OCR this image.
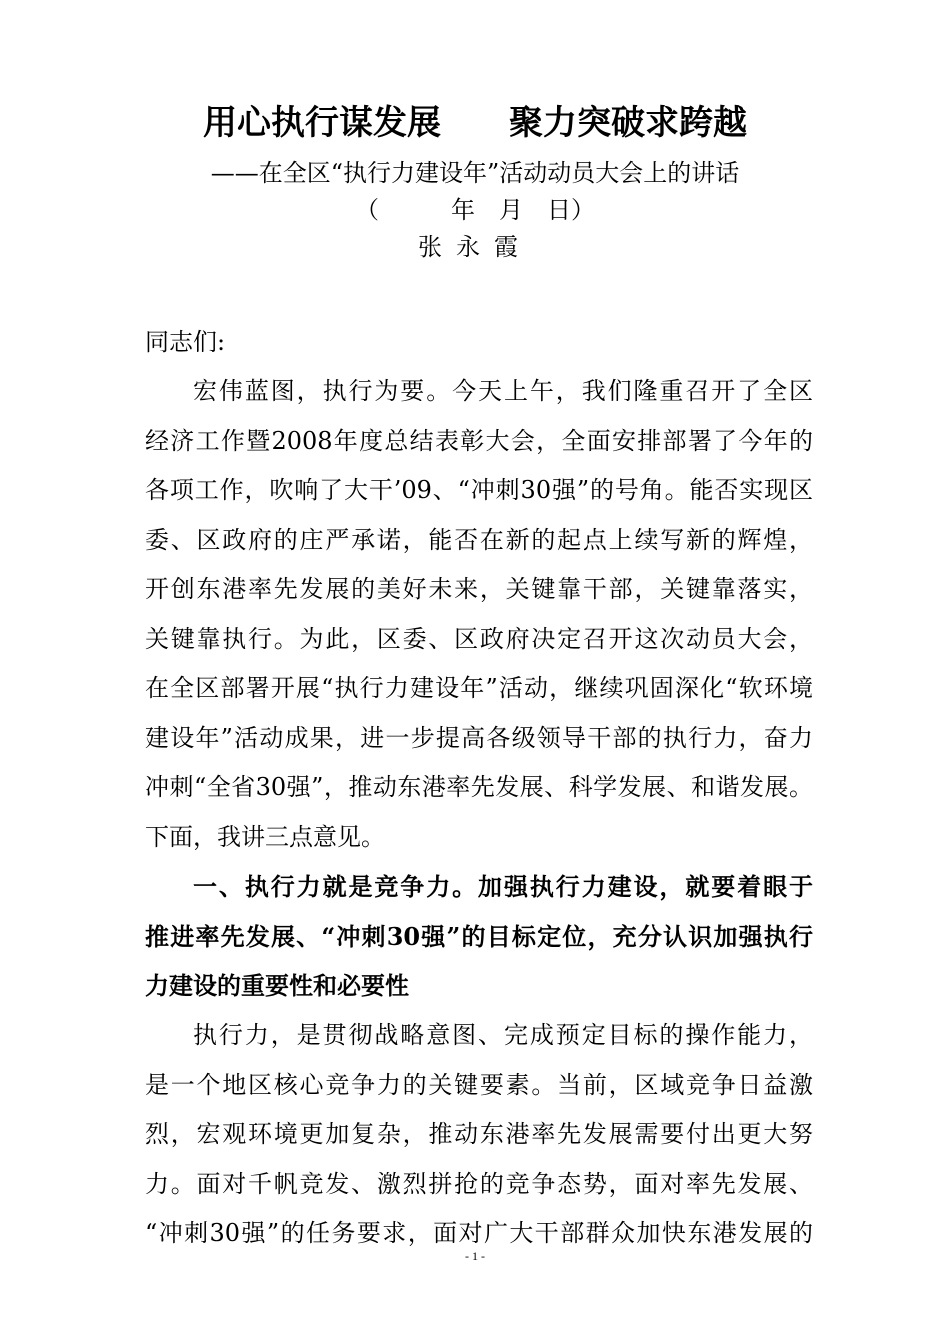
用心执行谋发展　　聚力突破求跨越
——在全区“执行力建设年”活动动员大会上的讲话
（　　　年　月　日）
张永霞
同志们:
宏伟蓝图，执行为要。今天上午，我们隆重召开了全区
经济工作暨2008年度总结表彰大会，全面安排部署了今年的
各项工作，吹响了大干’09、“冲刺30强”的号角。能否实现区
委、区政府的庄严承诺，能否在新的起点上续写新的辉煌，
开创东港率先发展的美好未来，关键靠干部，关键靠落实，
关键靠执行。为此，区委、区政府决定召开这次动员大会，
在全区部署开展“执行力建设年”活动，继续巩固深化“软环境
建设年”活动成果，进一步提高各级领导干部的执行力，奋力
冲刺“全省30强”，推动东港率先发展、科学发展、和谐发展。
下面，我讲三点意见。
一、执行力就是竞争力。加强执行力建设，就要着眼于
推进率先发展、“冲刺30强”的目标定位，充分认识加强执行
力建设的重要性和必要性
执行力，是贯彻战略意图、完成预定目标的操作能力，
是一个地区核心竞争力的关键要素。当前，区域竞争日益激
烈，宏观环境更加复杂，推动东港率先发展需要付出更大努
力。面对千帆竞发、激烈拼抢的竞争态势，面对率先发展、
“冲刺30强”的任务要求，面对广大干部群众加快东港发展的
- 1 -
